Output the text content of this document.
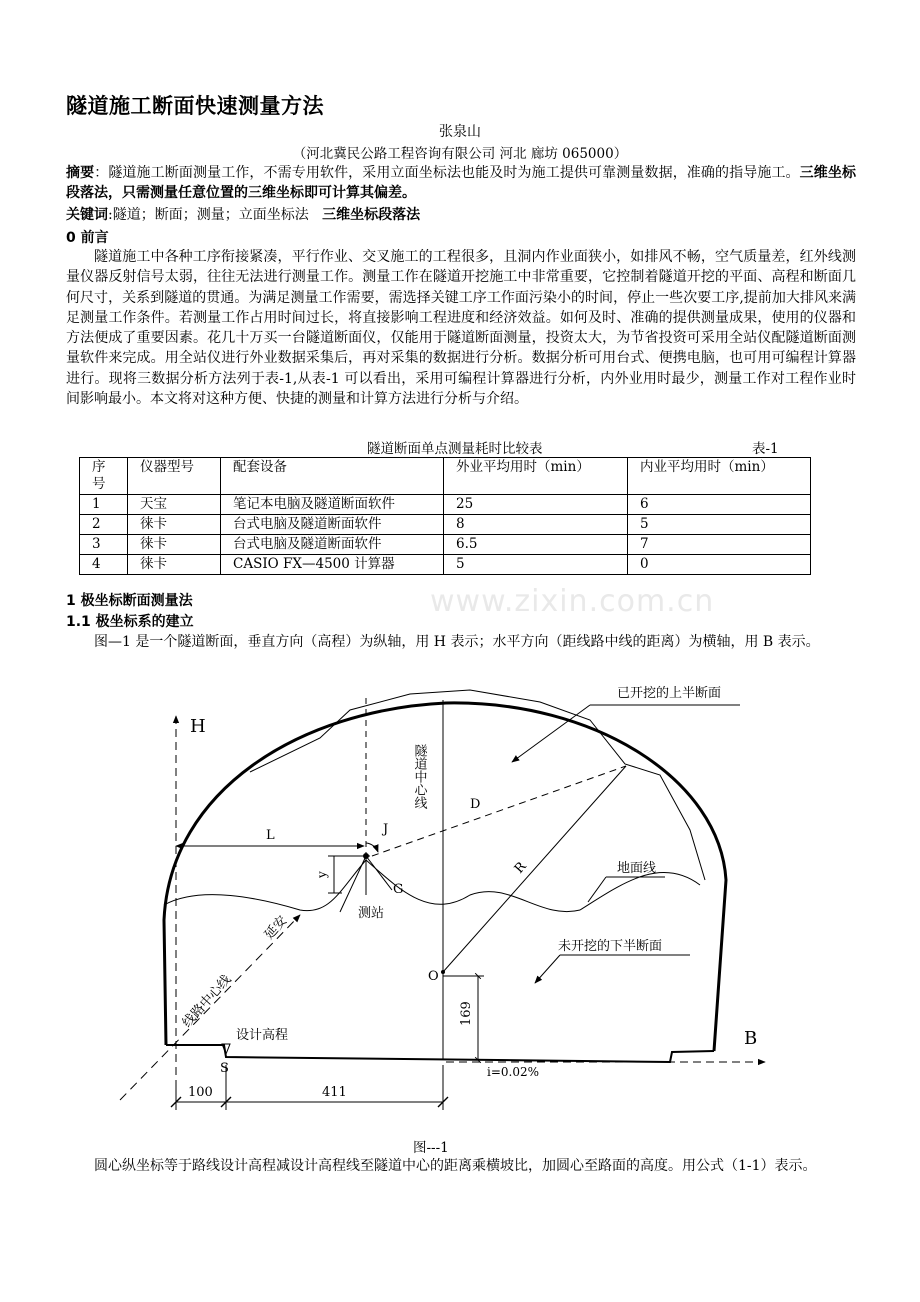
隧道施工断面快速测量方法
张泉山
（河北冀民公路工程咨询有限公司 河北 廊坊 065000）
摘要：隧道施工断面测量工作，不需专用软件，采用立面坐标法也能及时为施工提供可靠测量数据，准确的指导施工。三维坐标段落法，只需测量任意位置的三维坐标即可计算其偏差。
关键词:隧道；断面；测量；立面坐标法 三维坐标段落法
0 前言
隧道施工中各种工序衔接紧凑，平行作业、交叉施工的工程很多，且洞内作业面狭小，如排风不畅，空气质量差，红外线测量仪器反射信号太弱，往往无法进行测量工作。测量工作在隧道开挖施工中非常重要，它控制着隧道开挖的平面、高程和断面几何尺寸，关系到隧道的贯通。为满足测量工作需要，需选择关键工序工作面污染小的时间，停止一些次要工序,提前加大排风来满足测量工作条件。若测量工作占用时间过长，将直接影响工程进度和经济效益。如何及时、准确的提供测量成果，使用的仪器和方法便成了重要因素。花几十万买一台隧道断面仪，仅能用于隧道断面测量，投资太大，为节省投资可采用全站仪配隧道断面测量软件来完成。用全站仪进行外业数据采集后，再对采集的数据进行分析。数据分析可用台式、便携电脑，也可用可编程计算器进行。现将三数据分析方法列于表-1,从表-1 可以看出，采用可编程计算器进行分析，内外业用时最少，测量工作对工程作业时间影响最小。本文将对这种方便、快捷的测量和计算方法进行分析与介绍。
隧道断面单点测量耗时比较表	表-1
序号	仪器型号	配套设备	外业平均用时（min）	内业平均用时（min）
1	天宝	笔记本电脑及隧道断面软件	25	6
2	徕卡	台式电脑及隧道断面软件	8	5
3	徕卡	台式电脑及隧道断面软件	6.5	7
4	徕卡	CASIO FX—4500 计算器	5	0
www.zixin.com.cn
1 极坐标断面测量法
1.1 极坐标系的建立
图—1 是一个隧道断面，垂直方向（高程）为纵轴，用 H 表示；水平方向（距线路中线的距离）为横轴，用 B 表示。
已开挖的上半断面
未开挖的下半断面
地面线
H
B
隧道中心线
线路中心线
延安	测站
设计高程
L
D
R
J
G
y
O
S
169
100	411
i=0.02%
图---1
圆心纵坐标等于路线设计高程减设计高程线至隧道中心的距离乘横坡比，加圆心至路面的高度。用公式（1-1）表示。
